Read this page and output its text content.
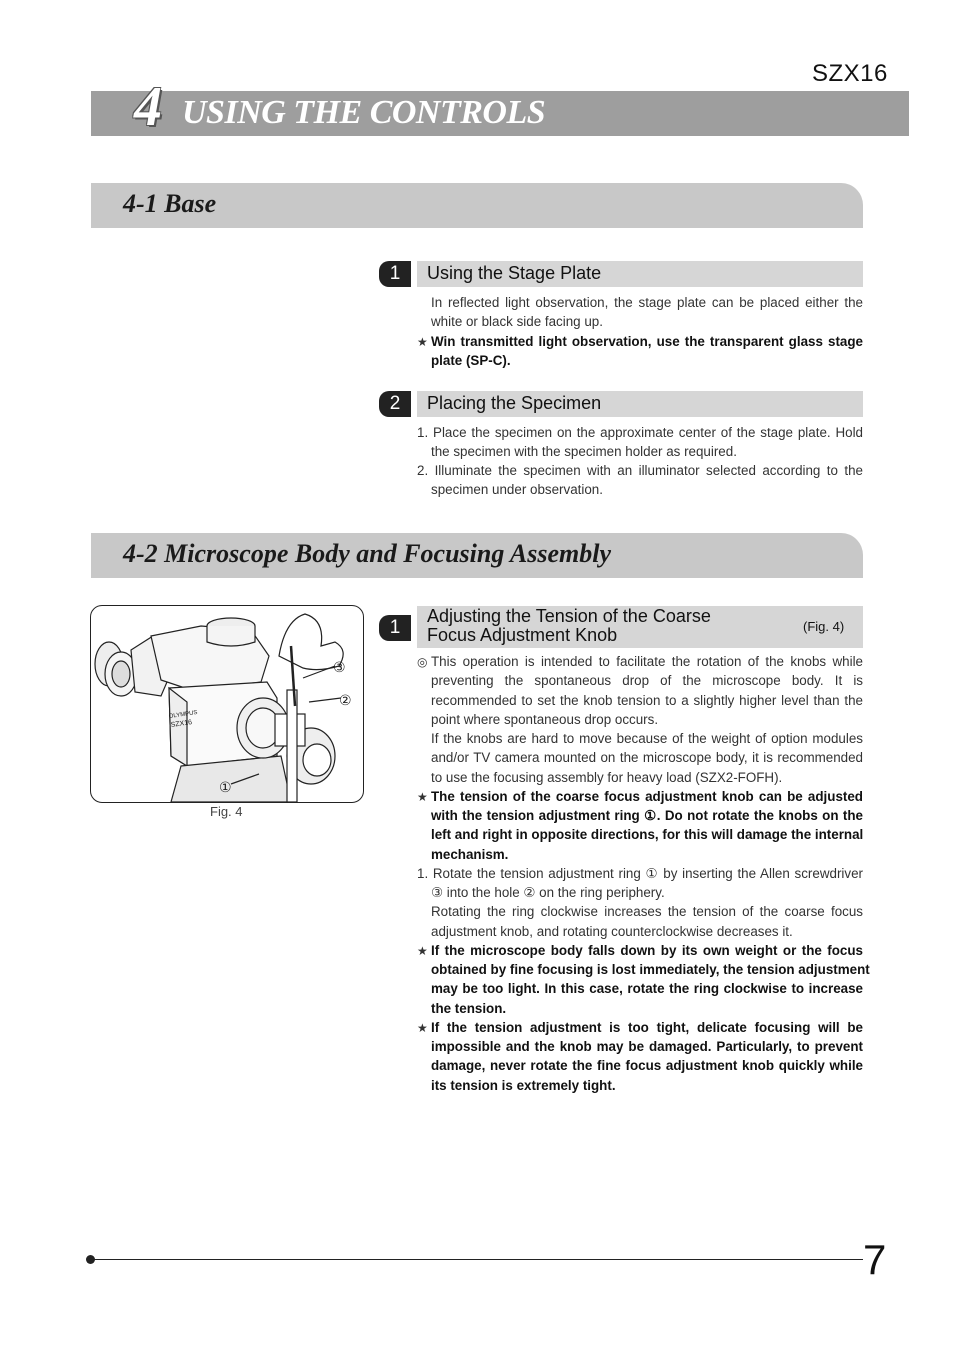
SZX16
4 USING THE CONTROLS
4-1 Base
1	Using the Stage Plate
In reflected light observation, the stage plate can be placed either the
white or black side facing up.
★ Win transmitted light observation, use the transparent glass stage
plate (SP-C).
2	Placing the Specimen
1. Place the specimen on the approximate center of the stage plate. Hold
the specimen with the specimen holder as required.
2. Illuminate the specimen with an illuminator selected according to the
specimen under observation.
4-2 Microscope Body and Focusing Assembly
OLYMPUS
SZX16
③
②
①
Fig. 4
1
Adjusting the Tension of the Coarse
Focus Adjustment Knob	(Fig. 4)
◎ This operation is intended to facilitate the rotation of the knobs while
preventing the spontaneous drop of the microscope body. It is
recommended to set the knob tension to a slightly higher level than the
point where spontaneous drop occurs.
If the knobs are hard to move because of the weight of option modules
and/or TV camera mounted on the microscope body, it is recommended
to use the focusing assembly for heavy load (SZX2-FOFH).
★ The tension of the coarse focus adjustment knob can be adjusted
with the tension adjustment ring ①. Do not rotate the knobs on the
left and right in opposite directions, for this will damage the internal
mechanism.
1. Rotate the tension adjustment ring ① by inserting the Allen screwdriver
③ into the hole ② on the ring periphery.
Rotating the ring clockwise increases the tension of the coarse focus
adjustment knob, and rotating counterclockwise decreases it.
★ If the microscope body falls down by its own weight or the focus
obtained by fine focusing is lost immediately, the tension adjustment
may be too light. In this case, rotate the ring clockwise to increase
the tension.
★ If the tension adjustment is too tight, delicate focusing will be
impossible and the knob may be damaged. Particularly, to prevent
damage, never rotate the fine focus adjustment knob quickly while
its tension is extremely tight.
7
